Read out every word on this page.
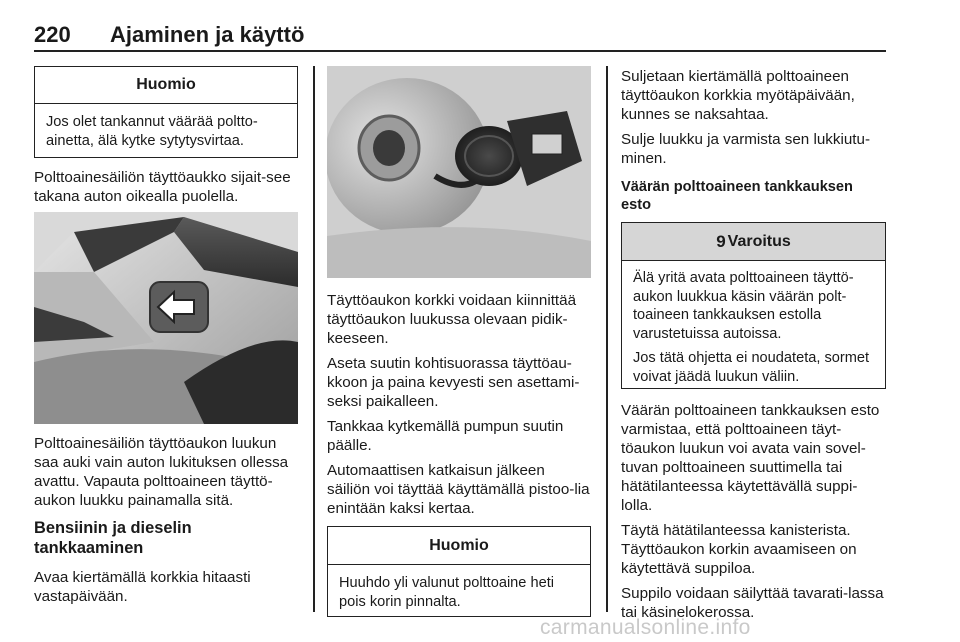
220 Ajaminen ja käyttö
Huomio

Jos olet tankannut väärää poltto-ainetta, älä kytke sytytysvirtaa.

Polttoainesäiliön täyttöaukko sijait-see takana auton oikealla puolella.

Polttoainesäiliön täyttöaukon luukun saa auki vain auton lukituksen ollessa avattu. Vapauta polttoaineen täyttö-aukon luukku painamalla sitä.

Bensiinin ja dieselin tankkaaminen

Avaa kiertämällä korkkia hitaasti vastapäivään.

Täyttöaukon korkki voidaan kiinnittää täyttöaukon luukussa olevaan pidik-keeseen.

Aseta suutin kohtisuorassa täyttöau-kkoon ja paina kevyesti sen asettami-seksi paikalleen.

Tankkaa kytkemällä pumpun suutin päälle.

Automaattisen katkaisun jälkeen säiliön voi täyttää käyttämällä pistoo-lia enintään kaksi kertaa.

Huomio

Huuhdo yli valunut polttoaine heti pois korin pinnalta.

Suljetaan kiertämällä polttoaineen täyttöaukon korkkia myötäpäivään, kunnes se naksahtaa.

Sulje luukku ja varmista sen lukkiutu-minen.

Väärän polttoaineen tankkauksen esto
9 Varoitus

Älä yritä avata polttoaineen täyttö-aukon luukkua käsin väärän polt-toaineen tankkauksen estolla varustetuissa autoissa.

Jos tätä ohjetta ei noudateta, sormet voivat jäädä luukun väliin.

Väärän polttoaineen tankkauksen esto varmistaa, että polttoaineen täyt-töaukon luukun voi avata vain sovel-tuvan polttoaineen suuttimella tai hätätilanteessa käytettävällä suppi-lolla.

Täytä hätätilanteessa kanisterista. Täyttöaukon korkin avaamiseen on käytettävä suppiloa.

Suppilo voidaan säilyttää tavarati-lassa tai käsinelokerossa.

carmanualsonline.info
